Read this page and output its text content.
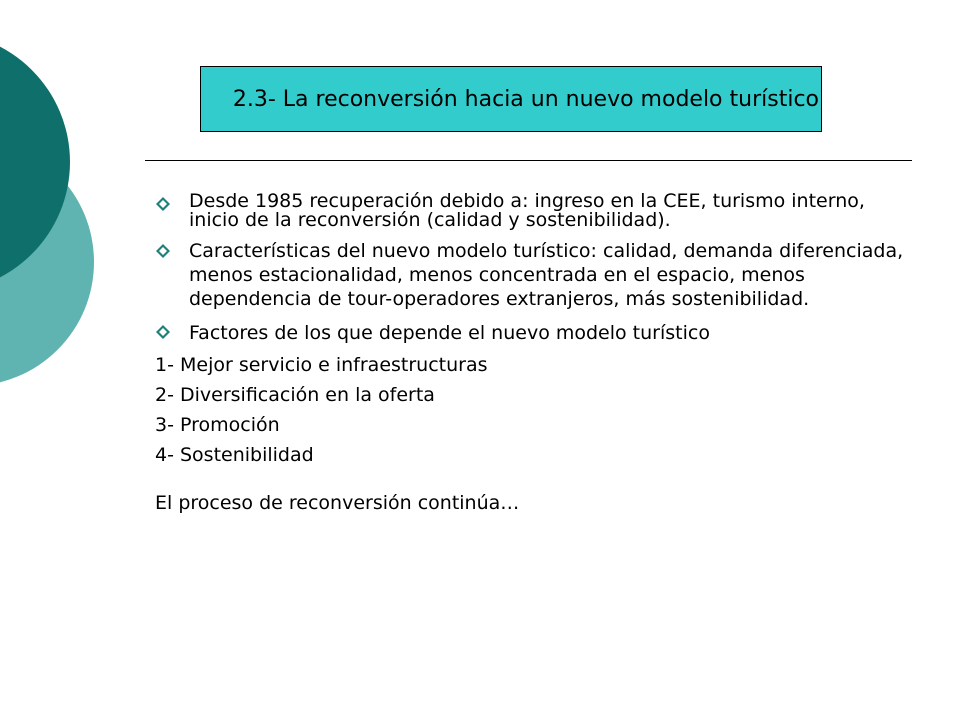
2.3- La reconversión hacia un nuevo modelo turístico
Desde 1985 recuperación debido a: ingreso en la CEE, turismo interno, inicio de la reconversión (calidad y sostenibilidad).
Características del nuevo modelo turístico: calidad, demanda diferenciada, menos estacionalidad, menos concentrada en el espacio, menos dependencia de tour-operadores extranjeros, más sostenibilidad.
Factores de los que depende el nuevo modelo turístico
1- Mejor servicio e infraestructuras
2- Diversificación en la oferta
3- Promoción
4- Sostenibilidad
El proceso de reconversión continúa…
